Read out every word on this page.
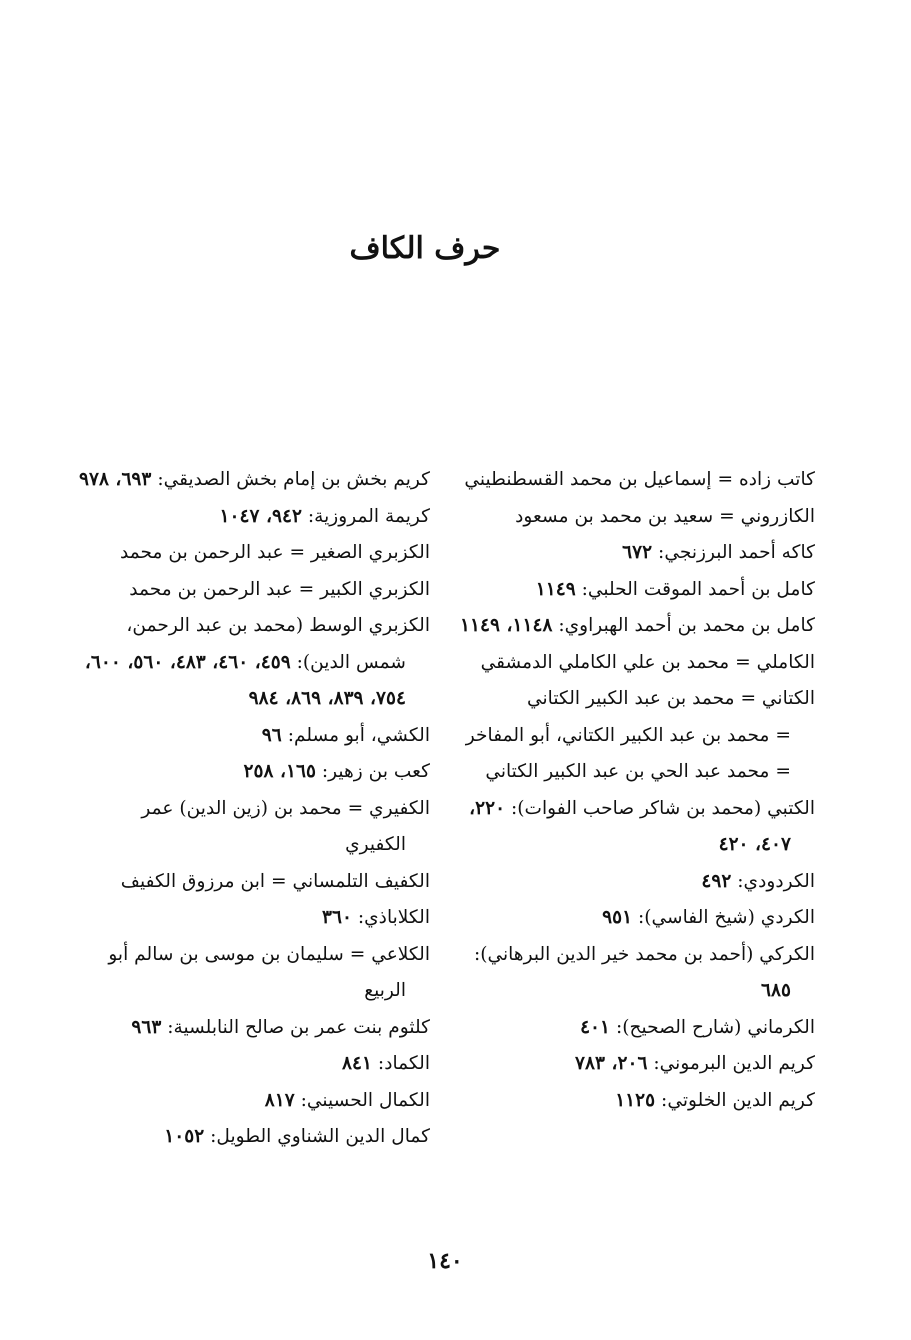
حرف الكاف

كاتب زاده = إسماعيل بن محمد القسطنطيني

الكازروني = سعيد بن محمد بن مسعود

كاكه أحمد البرزنجي: ٦٧٢

كامل بن أحمد الموقت الحلبي: ١١٤٩

كامل بن محمد بن أحمد الهبراوي: ١١٤٨، ١١٤٩

الكاملي = محمد بن علي الكاملي الدمشقي

الكتاني = محمد بن عبد الكبير الكتاني

= محمد بن عبد الكبير الكتاني، أبو المفاخر

= محمد عبد الحي بن عبد الكبير الكتاني

الكتبي (محمد بن شاكر صاحب الفوات): ٢٢٠، ٤٠٧، ٤٢٠

الكردودي: ٤٩٢

الكردي (شيخ الفاسي): ٩٥١

الكركي (أحمد بن محمد خير الدين البرهاني): ٦٨٥

الكرماني (شارح الصحيح): ٤٠١

كريم الدين البرموني: ٢٠٦، ٧٨٣

كريم الدين الخلوتي: ١١٢٥

كريم بخش بن إمام بخش الصديقي: ٦٩٣، ٩٧٨

كريمة المروزية: ٩٤٢، ١٠٤٧

الكزبري الصغير = عبد الرحمن بن محمد

الكزبري الكبير = عبد الرحمن بن محمد

الكزبري الوسط (محمد بن عبد الرحمن، شمس الدين): ٤٥٩، ٤٦٠، ٤٨٣، ٥٦٠، ٦٠٠، ٧٥٤، ٨٣٩، ٨٦٩، ٩٨٤

الكشي، أبو مسلم: ٩٦

كعب بن زهير: ١٦٥، ٢٥٨

الكفيري = محمد بن (زين الدين) عمر الكفيري

الكفيف التلمساني = ابن مرزوق الكفيف

الكلاباذي: ٣٦٠

الكلاعي = سليمان بن موسى بن سالم أبو الربيع

كلثوم بنت عمر بن صالح النابلسية: ٩٦٣

الكماد: ٨٤١

الكمال الحسيني: ٨١٧

كمال الدين الشناوي الطويل: ١٠٥٢

١٤٠
